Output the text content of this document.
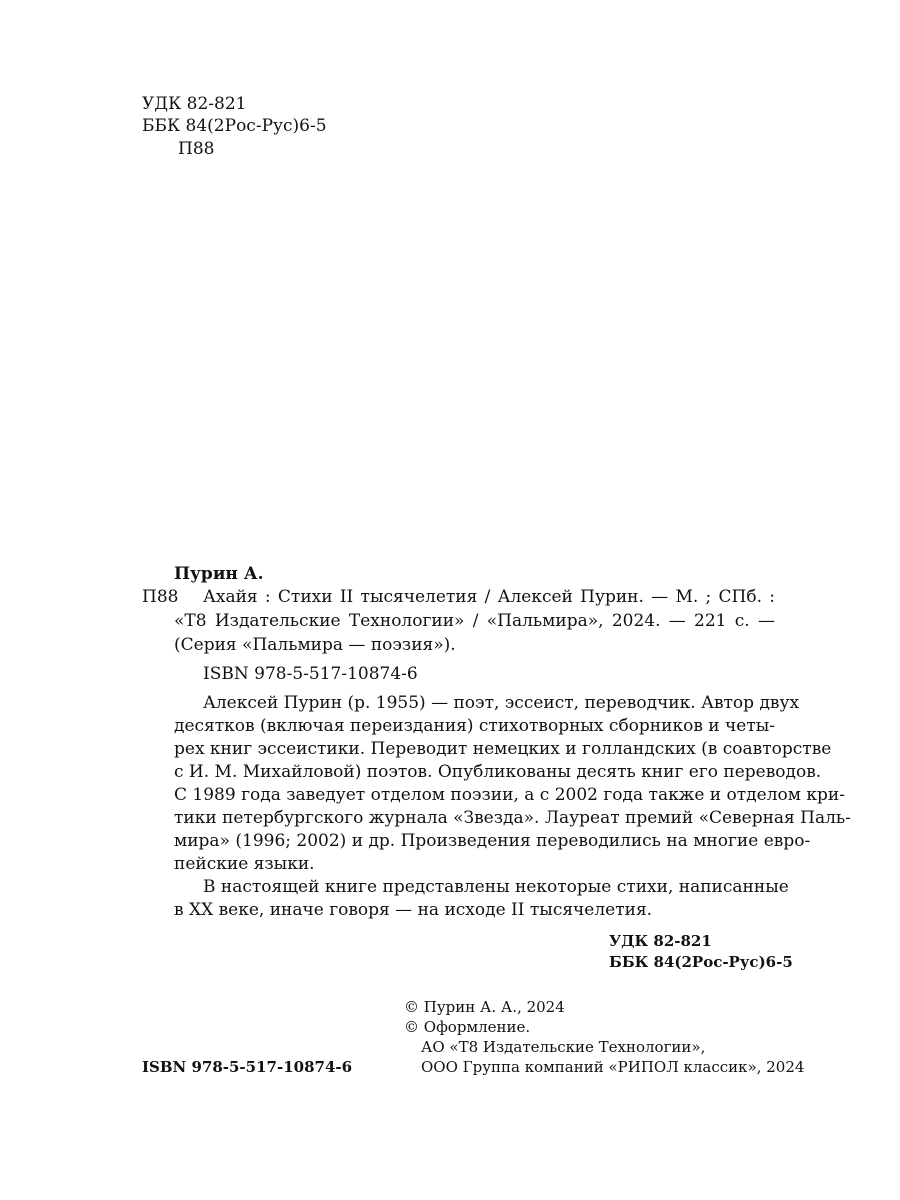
УДК 82-821
ББК 84(2Рос-Рус)6-5
П88
Пурин А.
П88 Ахайя : Стихи II тысячелетия / Алексей Пурин. — М. ; СПб. :
«Т8 Издательские Технологии» / «Пальмира», 2024. — 221 с. —
(Серия «Пальмира — поэзия»).
ISBN 978-5-517-10874-6
Алексей Пурин (р. 1955) — поэт, эссеист, переводчик. Автор двух
десятков (включая переиздания) стихотворных сборников и четы-
рех книг эссеистики. Переводит немецких и голландских (в соавторстве
с И. М. Михайловой) поэтов. Опубликованы десять книг его переводов.
С 1989 года заведует отделом поэзии, а с 2002 года также и отделом кри-
тики петербургского журнала «Звезда». Лауреат премий «Северная Паль-
мира» (1996; 2002) и др. Произведения переводились на многие евро-
пейские языки.
В настоящей книге представлены некоторые стихи, написанные
в XX веке, иначе говоря — на исходе II тысячелетия.
УДК 82-821
ББК 84(2Рос-Рус)6-5
© Пурин А. А., 2024
© Оформление.
АО «Т8 Издательские Технологии»,
ООО Группа компаний «РИПОЛ классик», 2024
ISBN 978-5-517-10874-6
